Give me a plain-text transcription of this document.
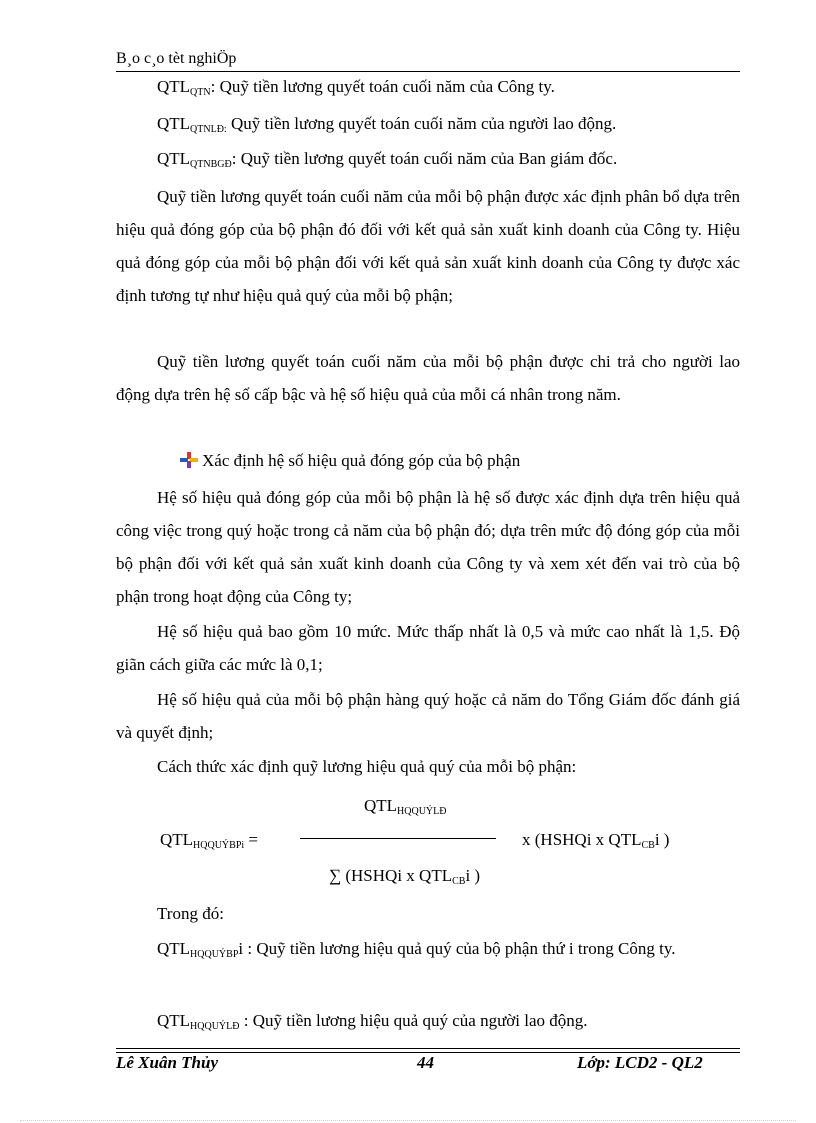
B¸o c¸o tèt nghiÖp
$QTL_{QTN}$: Quỹ tiền lương quyết toán cuối năm của Công ty.
$QTL_{QTNLĐ:}$ Quỹ tiền lương quyết toán cuối năm của người lao động.
$QTL_{QTNBGĐ}$: Quỹ tiền lương quyết toán cuối năm của Ban giám đốc.

Quỹ tiền lương quyết toán cuối năm của mỗi bộ phận được xác định phân bổ dựa trên hiệu quả đóng góp của bộ phận đó đối với kết quả sản xuất kinh doanh của Công ty. Hiệu quả đóng góp của mỗi bộ phận đối với kết quả sản xuất kinh doanh của Công ty được xác định tương tự như hiệu quả quý của mỗi bộ phận;

Quỹ tiền lương quyết toán cuối năm của mỗi bộ phận được chi trả cho người lao động dựa trên hệ số cấp bậc và hệ số hiệu quả của mỗi cá nhân trong năm.

Xác định hệ số hiệu quả đóng góp của bộ phận

Hệ số hiệu quả đóng góp của mỗi bộ phận là hệ số được xác định dựa trên hiệu quả công việc trong quý hoặc trong cả năm của bộ phận đó; dựa trên mức độ đóng góp của mỗi bộ phận đối với kết quả sản xuất kinh doanh của Công ty và xem xét đến vai trò của bộ phận trong hoạt động của Công ty;

Hệ số hiệu quả bao gồm 10 mức. Mức thấp nhất là 0,5 và mức cao nhất là 1,5. Độ giãn cách giữa các mức là 0,1;

Hệ số hiệu quả của mỗi bộ phận hàng quý hoặc cả năm do Tổng Giám đốc đánh giá và quyết định;

Cách thức xác định quỹ lương hiệu quả quý của mỗi bộ phận:

$QTL_{HQQUÝLĐ}$
$QTL_{HQQUÝBPi}$ =	x (HSHQi x $QTL_{CB}i$ )
∑ (HSHQi x $QTL_{CB}i$ )

Trong đó:

$QTL_{HQQUÝBP}i$ : Quỹ tiền lương hiệu quả quý của bộ phận thứ i trong Công ty.

$QTL_{HQQUÝLĐ}$ : Quỹ tiền lương hiệu quả quý của người lao động.

Lê Xuân Thủy	44	Lớp: LCD2 - QL2
